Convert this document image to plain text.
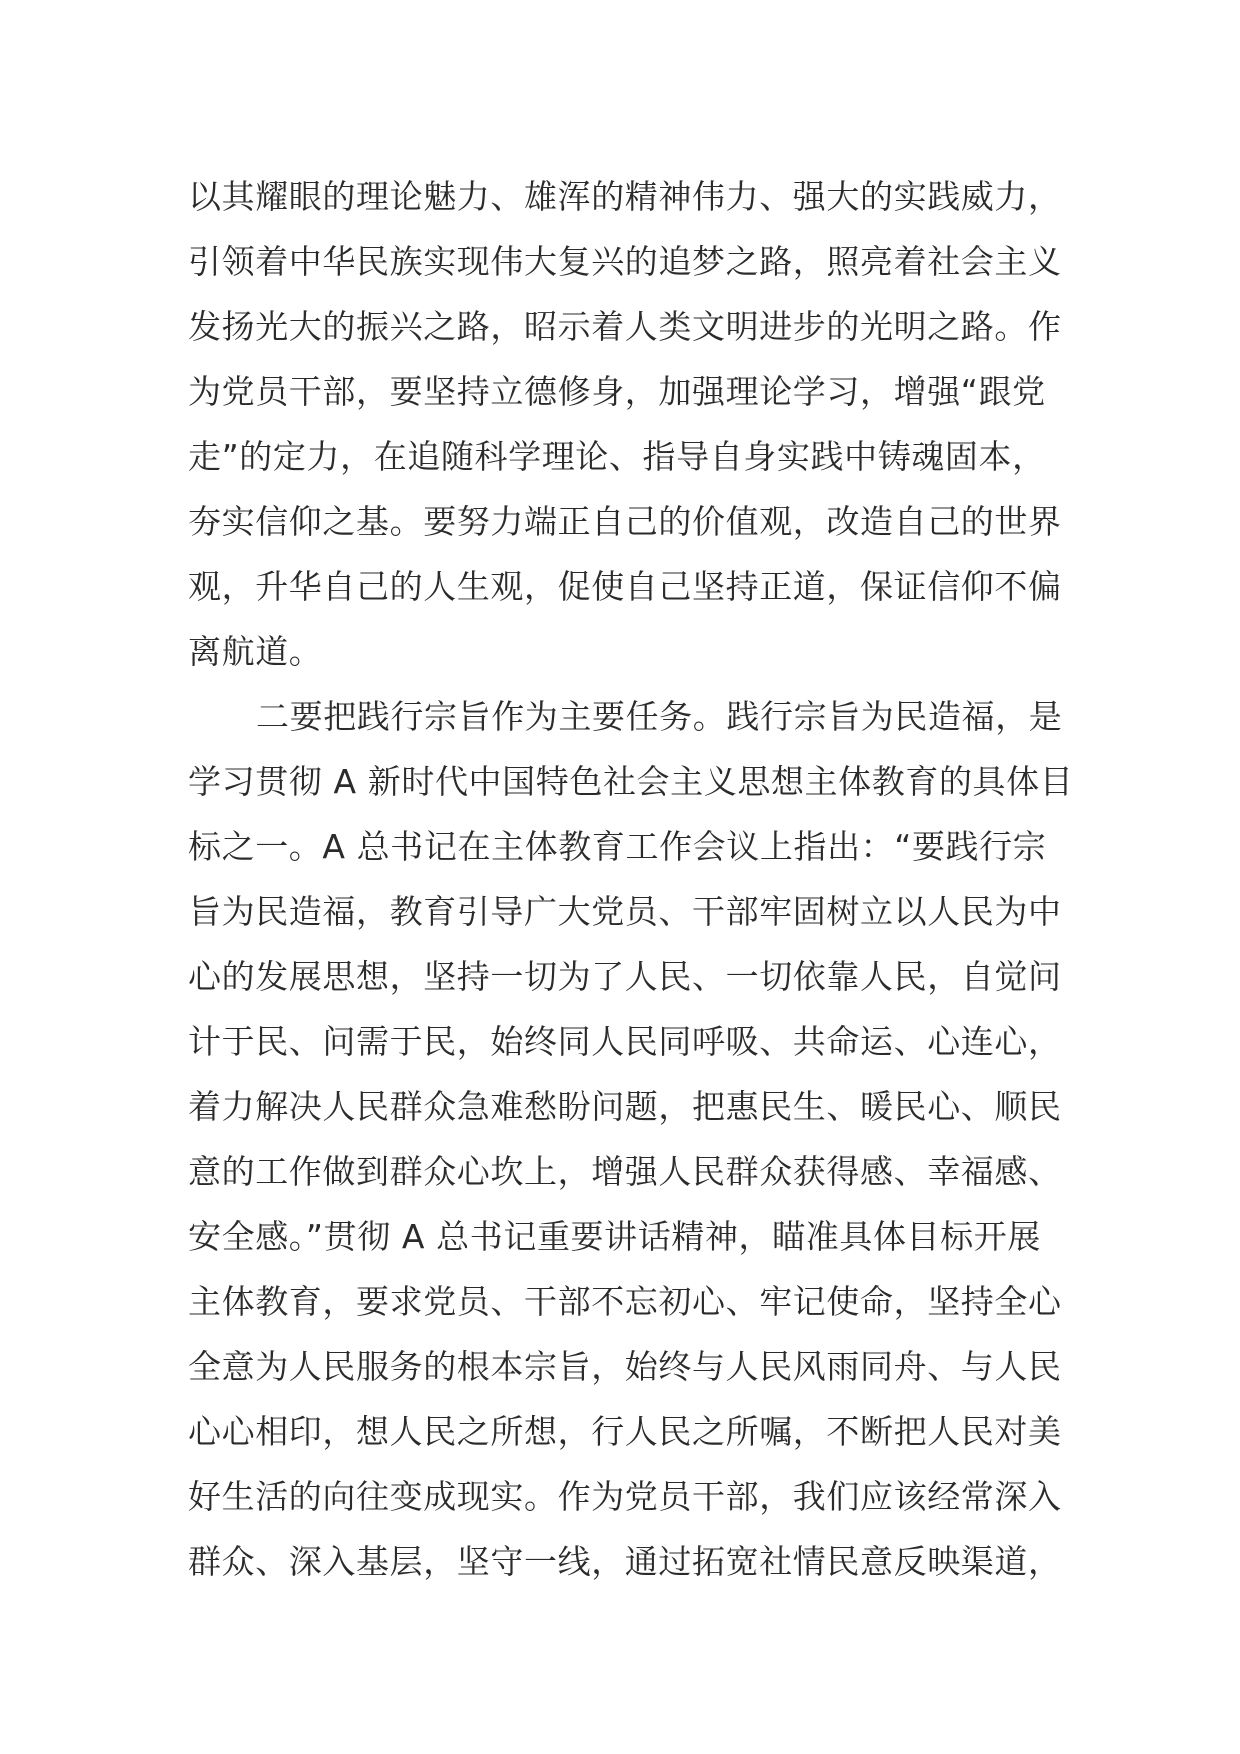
以其耀眼的理论魅力、雄浑的精神伟力、强大的实践威力，
引领着中华民族实现伟大复兴的追梦之路，照亮着社会主义
发扬光大的振兴之路，昭示着人类文明进步的光明之路。作
为党员干部，要坚持立德修身，加强理论学习，增强“跟党
走”的定力，在追随科学理论、指导自身实践中铸魂固本，
夯实信仰之基。要努力端正自己的价值观，改造自己的世界
观，升华自己的人生观，促使自己坚持正道，保证信仰不偏
离航道。
二要把践行宗旨作为主要任务。践行宗旨为民造福，是
学习贯彻 A 新时代中国特色社会主义思想主体教育的具体目
标之一。A 总书记在主体教育工作会议上指出：“要践行宗
旨为民造福，教育引导广大党员、干部牢固树立以人民为中
心的发展思想，坚持一切为了人民、一切依靠人民，自觉问
计于民、问需于民，始终同人民同呼吸、共命运、心连心，
着力解决人民群众急难愁盼问题，把惠民生、暖民心、顺民
意的工作做到群众心坎上，增强人民群众获得感、幸福感、
安全感。”贯彻 A 总书记重要讲话精神，瞄准具体目标开展
主体教育，要求党员、干部不忘初心、牢记使命，坚持全心
全意为人民服务的根本宗旨，始终与人民风雨同舟、与人民
心心相印，想人民之所想，行人民之所嘱，不断把人民对美
好生活的向往变成现实。作为党员干部，我们应该经常深入
群众、深入基层，坚守一线，通过拓宽社情民意反映渠道，
